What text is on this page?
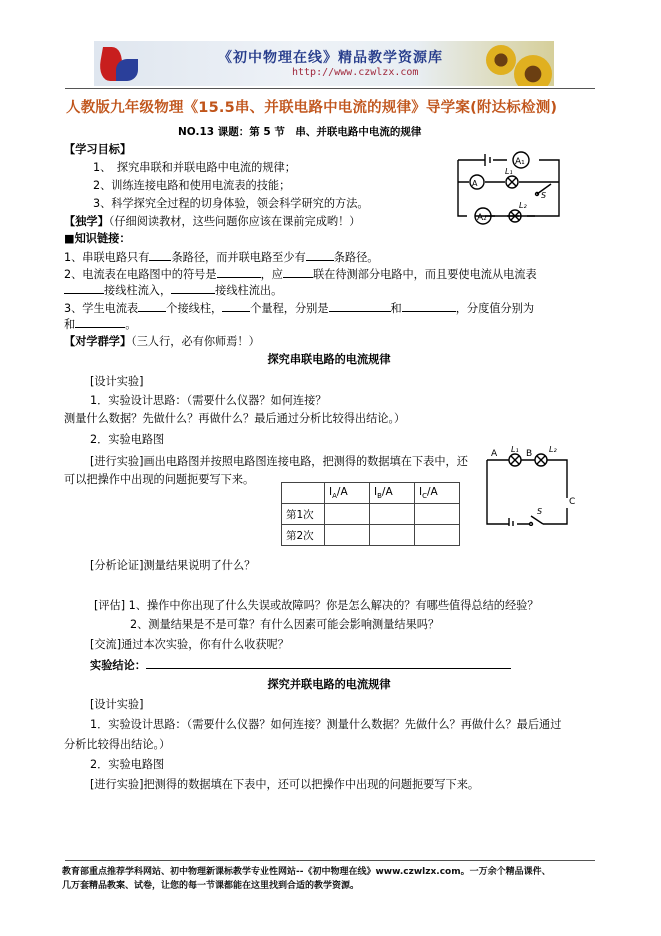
《初中物理在线》精品教学资源库
http://www.czwlzx.com
人教版九年级物理《15.5串、并联电路中电流的规律》导学案(附达标检测)
NO.13 课题：第 5 节　串、并联电路中电流的规律
【学习目标】
1、　探究串联和并联电路中电流的规律；
2、训练连接电路和使用电流表的技能；
3、科学探究全过程的切身体验，领会科学研究的方法。
A₁
A
A₂
L₁
L₂
S
【独学】（仔细阅读教材，这些问题你应该在课前完成哟！）
■知识链接：
1、串联电路只有 条路径，而并联电路至少有	条路径。
2、电流表在电路图中的符号是	，应	联在待测部分电路中，而且要使电流从电流表
接线柱流入，	接线柱流出。
3、学生电流表	个接线柱，	个量程，分别是	和	，分度值分别为
和	。
【对学群学】（三人行，必有你师焉！）
探究串联电路的电流规律
[设计实验]
1．实验设计思路：（需要什么仪器？如何连接？
测量什么数据？先做什么？再做什么？最后通过分析比较得出结论。）
2．实验电路图
[进行实验]画出电路图并按照电路图连接电路，把测得的数据填在下表中，还
可以把操作中出现的问题扼要写下来。
A L₁ B L₂
C
S
	$I_A/A$	$I_B/A$	$I_C/A$
第1次			
第2次			
[分析论证]测量结果说明了什么？
[评估] 1、操作中你出现了什么失误或故障吗？你是怎么解决的？有哪些值得总结的经验？
2、测量结果是不是可靠？有什么因素可能会影响测量结果吗？
[交流]通过本次实验，你有什么收获呢？
实验结论：
探究并联电路的电流规律
[设计实验]
1．实验设计思路：（需要什么仪器？如何连接？测量什么数据？先做什么？再做什么？最后通过
分析比较得出结论。）
2．实验电路图
[进行实验]把测得的数据填在下表中，还可以把操作中出现的问题扼要写下来。
教育部重点推荐学科网站、初中物理新课标教学专业性网站--《初中物理在线》www.czwlzx.com。一万余个精品课件、
几万套精品教案、试卷，让您的每一节课都能在这里找到合适的教学资源。
